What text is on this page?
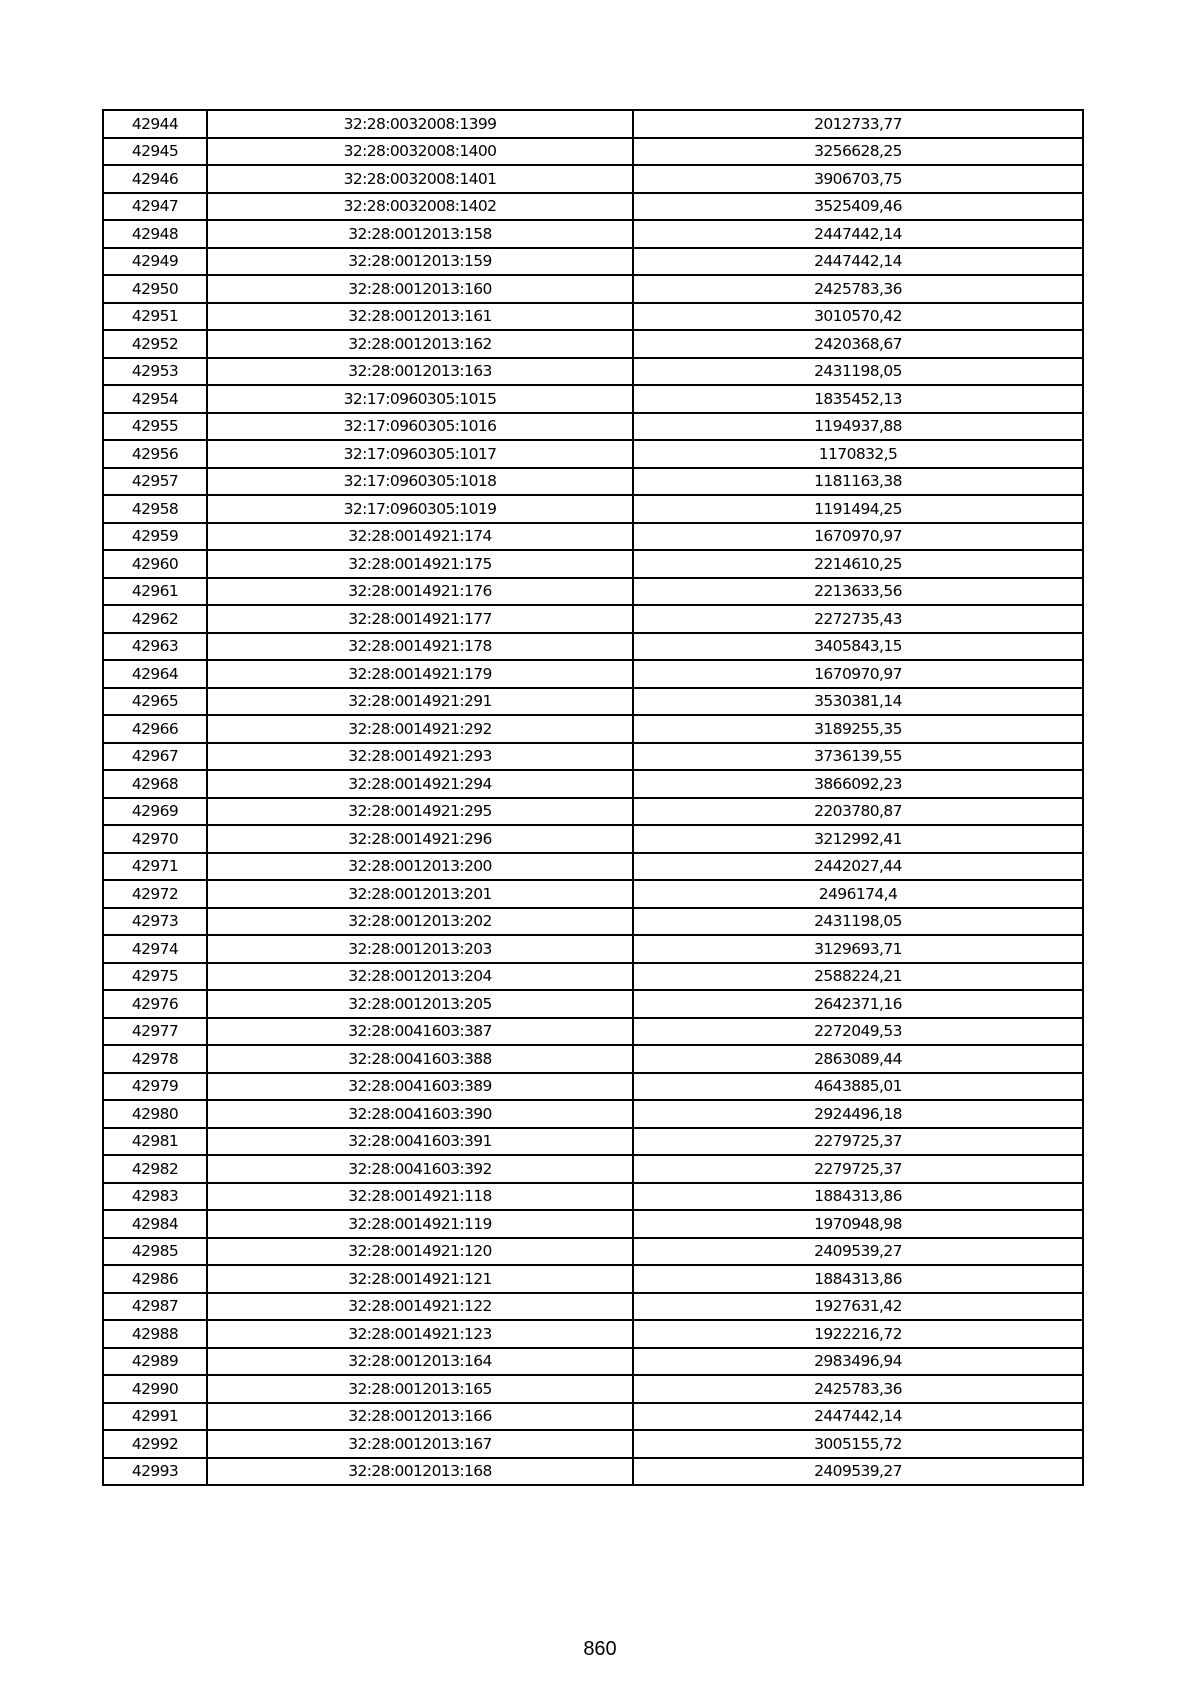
42944	32:28:0032008:1399	2012733,77
42945	32:28:0032008:1400	3256628,25
42946	32:28:0032008:1401	3906703,75
42947	32:28:0032008:1402	3525409,46
42948	32:28:0012013:158	2447442,14
42949	32:28:0012013:159	2447442,14
42950	32:28:0012013:160	2425783,36
42951	32:28:0012013:161	3010570,42
42952	32:28:0012013:162	2420368,67
42953	32:28:0012013:163	2431198,05
42954	32:17:0960305:1015	1835452,13
42955	32:17:0960305:1016	1194937,88
42956	32:17:0960305:1017	1170832,5
42957	32:17:0960305:1018	1181163,38
42958	32:17:0960305:1019	1191494,25
42959	32:28:0014921:174	1670970,97
42960	32:28:0014921:175	2214610,25
42961	32:28:0014921:176	2213633,56
42962	32:28:0014921:177	2272735,43
42963	32:28:0014921:178	3405843,15
42964	32:28:0014921:179	1670970,97
42965	32:28:0014921:291	3530381,14
42966	32:28:0014921:292	3189255,35
42967	32:28:0014921:293	3736139,55
42968	32:28:0014921:294	3866092,23
42969	32:28:0014921:295	2203780,87
42970	32:28:0014921:296	3212992,41
42971	32:28:0012013:200	2442027,44
42972	32:28:0012013:201	2496174,4
42973	32:28:0012013:202	2431198,05
42974	32:28:0012013:203	3129693,71
42975	32:28:0012013:204	2588224,21
42976	32:28:0012013:205	2642371,16
42977	32:28:0041603:387	2272049,53
42978	32:28:0041603:388	2863089,44
42979	32:28:0041603:389	4643885,01
42980	32:28:0041603:390	2924496,18
42981	32:28:0041603:391	2279725,37
42982	32:28:0041603:392	2279725,37
42983	32:28:0014921:118	1884313,86
42984	32:28:0014921:119	1970948,98
42985	32:28:0014921:120	2409539,27
42986	32:28:0014921:121	1884313,86
42987	32:28:0014921:122	1927631,42
42988	32:28:0014921:123	1922216,72
42989	32:28:0012013:164	2983496,94
42990	32:28:0012013:165	2425783,36
42991	32:28:0012013:166	2447442,14
42992	32:28:0012013:167	3005155,72
42993	32:28:0012013:168	2409539,27
860
